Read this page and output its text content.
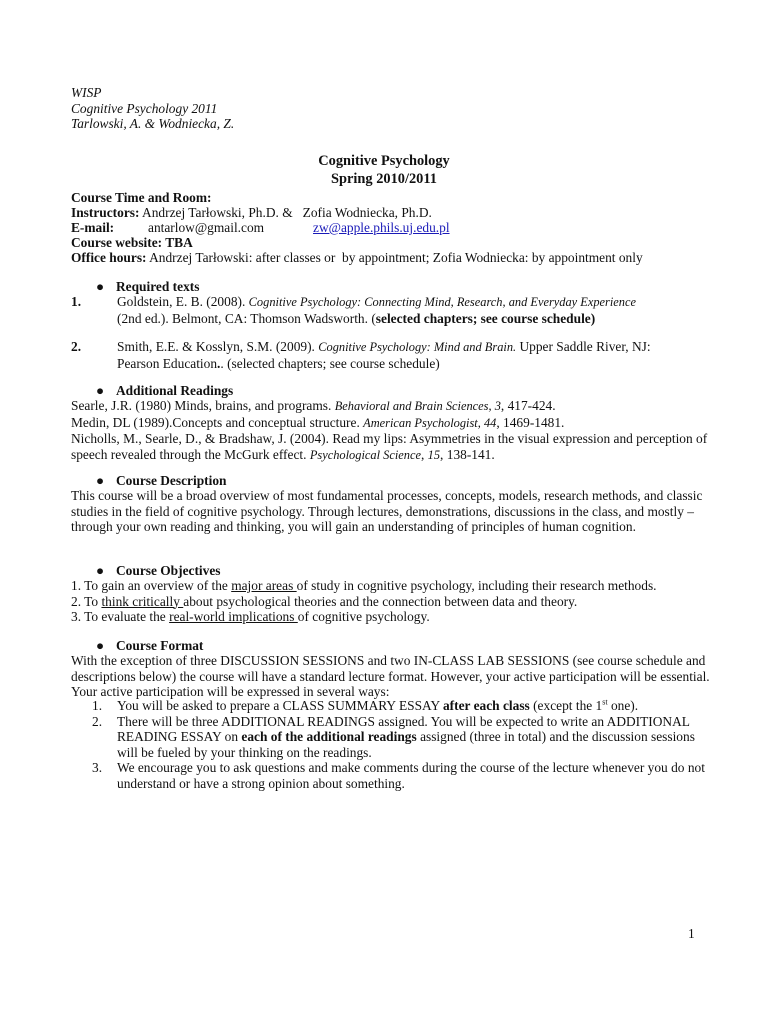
WISP
Cognitive Psychology 2011
Tarlowski, A. & Wodniecka, Z.
Cognitive Psychology
Spring 2010/2011
Course Time and Room:
Instructors: Andrzej Tarłowski, Ph.D. &   Zofia Wodniecka, Ph.D.
E-mail:	antarlow@gmail.com	zw@apple.phils.uj.edu.pl
Course website: TBA
Office hours: Andrzej Tarłowski: after classes or  by appointment; Zofia Wodniecka: by appointment only
● Required texts
1.	Goldstein, E. B. (2008). Cognitive Psychology: Connecting Mind, Research, and Everyday Experience
(2nd ed.). Belmont, CA: Thomson Wadsworth. (selected chapters; see course schedule)
2.	Smith, E.E. & Kosslyn, S.M. (2009). Cognitive Psychology: Mind and Brain. Upper Saddle River, NJ:
Pearson Education.. (selected chapters; see course schedule)
● Additional Readings
Searle, J.R. (1980) Minds, brains, and programs. Behavioral and Brain Sciences, 3, 417-424.
Medin, DL (1989).Concepts and conceptual structure. American Psychologist, 44, 1469-1481.
Nicholls, M., Searle, D., & Bradshaw, J. (2004). Read my lips: Asymmetries in the visual expression and perception of speech revealed through the McGurk effect. Psychological Science, 15, 138-141.
● Course Description
This course will be a broad overview of most fundamental processes, concepts, models, research methods, and classic studies in the field of cognitive psychology. Through lectures, demonstrations, discussions in the class, and mostly – through your own reading and thinking, you will gain an understanding of principles of human cognition.
● Course Objectives
1. To gain an overview of the major areas of study in cognitive psychology, including their research methods.
2. To think critically about psychological theories and the connection between data and theory.
3. To evaluate the real-world implications of cognitive psychology.
● Course Format
With the exception of three DISCUSSION SESSIONS and two IN-CLASS LAB SESSIONS (see course schedule and descriptions below) the course will have a standard lecture format. However, your active participation will be essential. Your active participation will be expressed in several ways:
1. You will be asked to prepare a CLASS SUMMARY ESSAY after each class (except the 1st one).
2. There will be three ADDITIONAL READINGS assigned. You will be expected to write an ADDITIONAL READING ESSAY on each of the additional readings assigned (three in total) and the discussion sessions will be fueled by your thinking on the readings.
3. We encourage you to ask questions and make comments during the course of the lecture whenever you do not understand or have a strong opinion about something.
1
